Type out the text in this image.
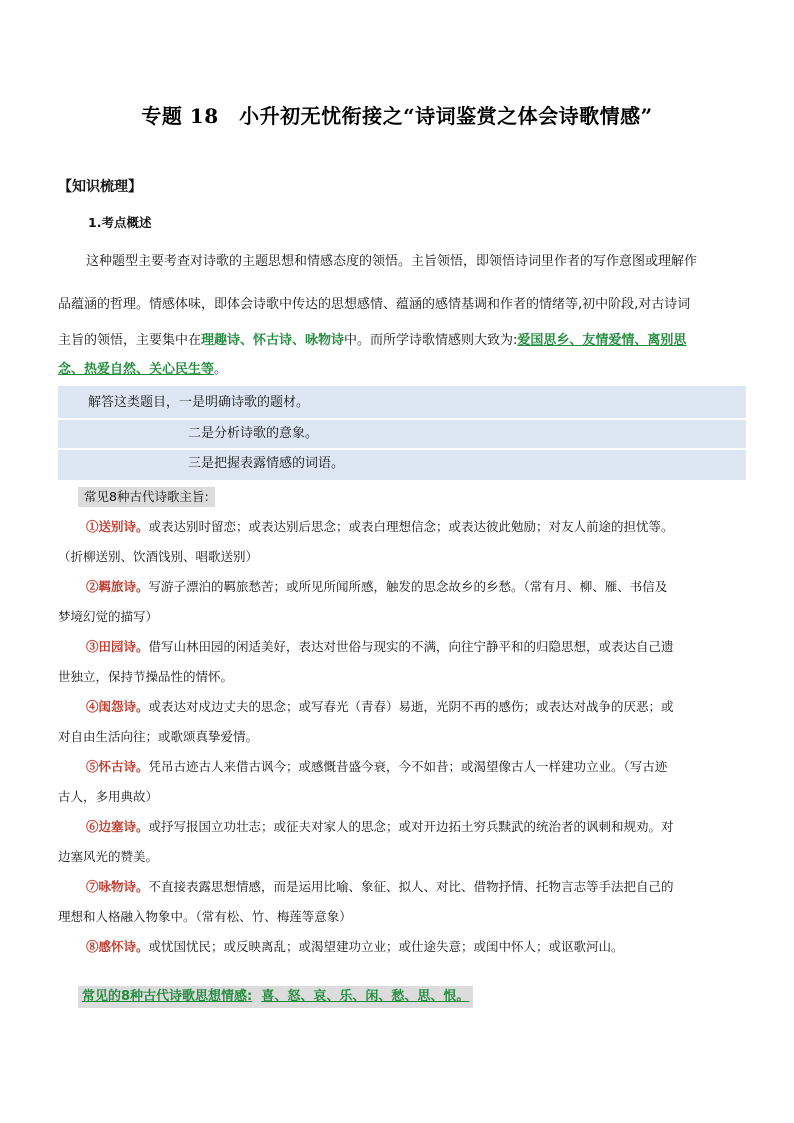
专题 18　小升初无忧衔接之“诗词鉴赏之体会诗歌情感”
【知识梳理】
1.考点概述

这种题型主要考查对诗歌的主题思想和情感态度的领悟。主旨领悟，即领悟诗词里作者的写作意图或理解作

品蕴涵的哲理。情感体味，即体会诗歌中传达的思想感情、蕴涵的感情基调和作者的情绪等,初中阶段,对古诗词

主旨的领悟，主要集中在理趣诗、怀古诗、咏物诗中。而所学诗歌情感则大致为:爱国思乡、友情爱情、离别思

念、热爱自然、关心民生等。

解答这类题目，一是明确诗歌的题材。
二是分析诗歌的意象。
三是把握表露情感的词语。
常见8种古代诗歌主旨:
①送别诗。或表达别时留恋；或表达别后思念；或表白理想信念；或表达彼此勉励；对友人前途的担忧等。
（折柳送别、饮酒饯别、唱歌送别）
②羁旅诗。写游子漂泊的羁旅愁苦；或所见所闻所感，触发的思念故乡的乡愁。（常有月、柳、雁、书信及
梦境幻觉的描写）
③田园诗。借写山林田园的闲适美好，表达对世俗与现实的不满，向往宁静平和的归隐思想，或表达自己遗
世独立，保持节操品性的情怀。
④闺怨诗。或表达对戍边丈夫的思念；或写春光（青春）易逝，光阴不再的感伤；或表达对战争的厌恶；或
对自由生活向往；或歌颂真挚爱情。
⑤怀古诗。凭吊古迹古人来借古讽今；或感慨昔盛今衰，今不如昔；或渴望像古人一样建功立业。（写古迹
古人，多用典故）
⑥边塞诗。或抒写报国立功壮志；或征夫对家人的思念；或对开边拓土穷兵黩武的统治者的讽刺和规劝。对
边塞风光的赞美。
⑦咏物诗。不直接表露思想情感，而是运用比喻、象征、拟人、对比、借物抒情、托物言志等手法把自己的
理想和人格融入物象中。（常有松、竹、梅莲等意象）
⑧感怀诗。或忧国忧民；或反映离乱；或渴望建功立业；或仕途失意；或闺中怀人；或讴歌河山。
常见的8种古代诗歌思想情感: 喜、怒、哀、乐、闲、愁、思、恨。
